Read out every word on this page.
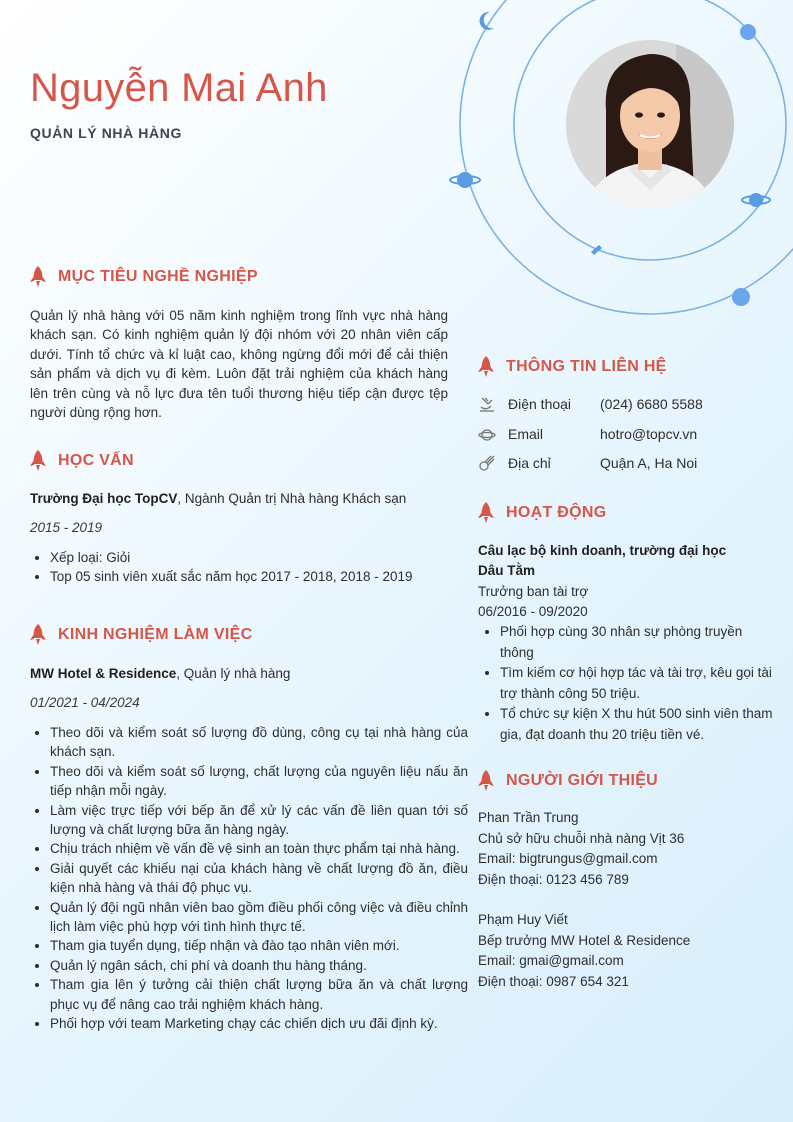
Nguyễn Mai Anh
QUẢN LÝ NHÀ HÀNG
MỤC TIÊU NGHỀ NGHIỆP
Quản lý nhà hàng với 05 năm kinh nghiệm trong lĩnh vực nhà hàng khách sạn. Có kinh nghiệm quản lý đội nhóm với 20 nhân viên cấp dưới. Tính tổ chức và kỉ luật cao, không ngừng đổi mới để cải thiện sản phẩm và dịch vụ đi kèm. Luôn đặt trải nghiệm của khách hàng lên trên cùng và nỗ lực đưa tên tuổi thương hiệu tiếp cận được tệp người dùng rộng hơn.
HỌC VẤN
Trường Đại học TopCV, Ngành Quản trị Nhà hàng Khách sạn
2015 - 2019
• Xếp loại: Giỏi
• Top 05 sinh viên xuất sắc năm học 2017 - 2018, 2018 - 2019
KINH NGHIỆM LÀM VIỆC
MW Hotel & Residence, Quản lý nhà hàng
01/2021 - 04/2024
• Theo dõi và kiểm soát số lượng đồ dùng, công cụ tại nhà hàng của khách sạn.
• Theo dõi và kiểm soát số lượng, chất lượng của nguyên liệu nấu ăn tiếp nhận mỗi ngày.
• Làm việc trực tiếp với bếp ăn để xử lý các vấn đề liên quan tới số lượng và chất lượng bữa ăn hàng ngày.
• Chịu trách nhiệm về vấn đề vệ sinh an toàn thực phẩm tại nhà hàng.
• Giải quyết các khiếu nại của khách hàng về chất lượng đồ ăn, điều kiện nhà hàng và thái độ phục vụ.
• Quản lý đội ngũ nhân viên bao gồm điều phối công việc và điều chỉnh lịch làm việc phù hợp với tình hình thực tế.
• Tham gia tuyển dụng, tiếp nhận và đào tạo nhân viên mới.
• Quản lý ngân sách, chi phí và doanh thu hàng tháng.
• Tham gia lên ý tưởng cải thiện chất lượng bữa ăn và chất lượng phục vụ để nâng cao trải nghiệm khách hàng.
• Phối hợp với team Marketing chạy các chiến dịch ưu đãi định kỳ.
THÔNG TIN LIÊN HỆ
Điện thoại	(024) 6680 5588
Email	hotro@topcv.vn
Địa chỉ	Quận A, Ha Noi
HOẠT ĐỘNG
Câu lạc bộ kinh doanh, trường đại học Dâu Tằm
Trưởng ban tài trợ
06/2016 - 09/2020
• Phối hợp cùng 30 nhân sự phòng truyền thông
• Tìm kiếm cơ hội hợp tác và tài trợ, kêu gọi tài trợ thành công 50 triệu.
• Tổ chức sự kiện X thu hút 500 sinh viên tham gia, đạt doanh thu 20 triệu tiền vé.
NGƯỜI GIỚI THIỆU
Phan Trần Trung
Chủ sở hữu chuỗi nhà nàng Vịt 36
Email: bigtrungus@gmail.com
Điện thoại: 0123 456 789
Phạm Huy Viết
Bếp trưởng MW Hotel & Residence
Email: gmai@gmail.com
Điện thoại: 0987 654 321
